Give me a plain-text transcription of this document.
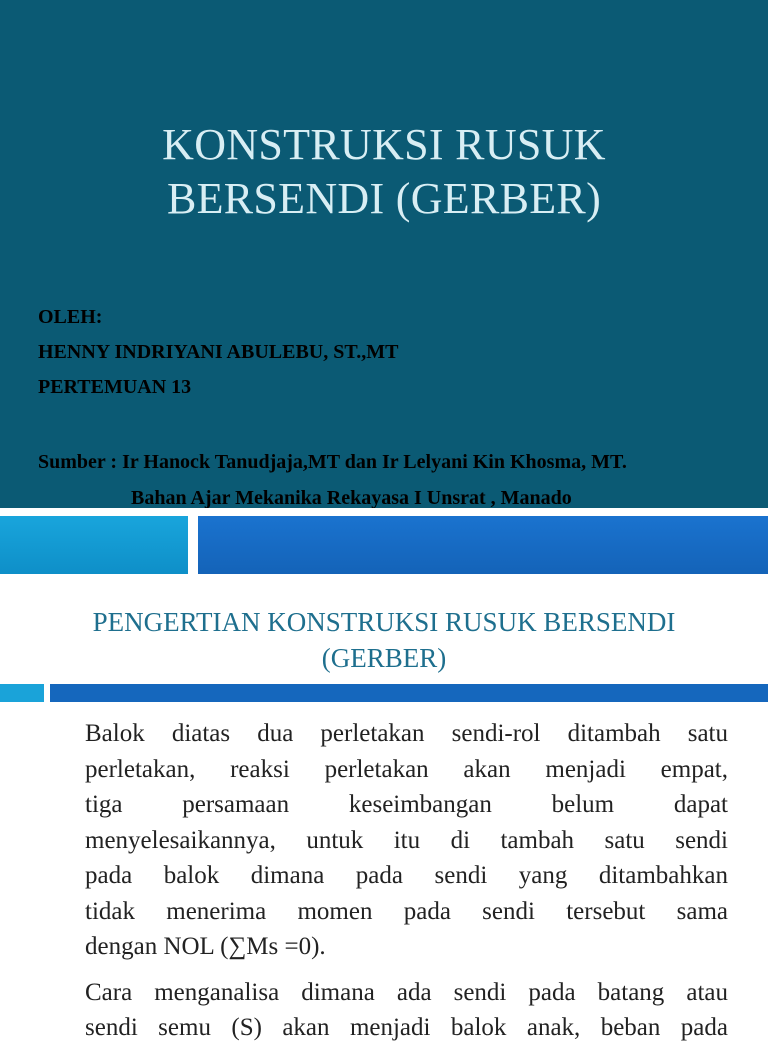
KONSTRUKSI RUSUK
BERSENDI (GERBER)
OLEH:
HENNY INDRIYANI ABULEBU, ST.,MT
PERTEMUAN 13
Sumber : Ir Hanock Tanudjaja,MT dan Ir Lelyani Kin Khosma, MT.
Bahan Ajar Mekanika Rekayasa I Unsrat , Manado
PENGERTIAN KONSTRUKSI RUSUK BERSENDI
(GERBER)
Balok diatas dua perletakan sendi-rol ditambah satu
perletakan, reaksi perletakan akan menjadi empat,
tiga persamaan keseimbangan belum dapat
menyelesaikannya, untuk itu di tambah satu sendi
pada balok dimana pada sendi yang ditambahkan
tidak menerima momen pada sendi tersebut sama
dengan NOL (∑Ms =0).
Cara menganalisa dimana ada sendi pada batang atau
sendi semu (S) akan menjadi balok anak, beban pada
